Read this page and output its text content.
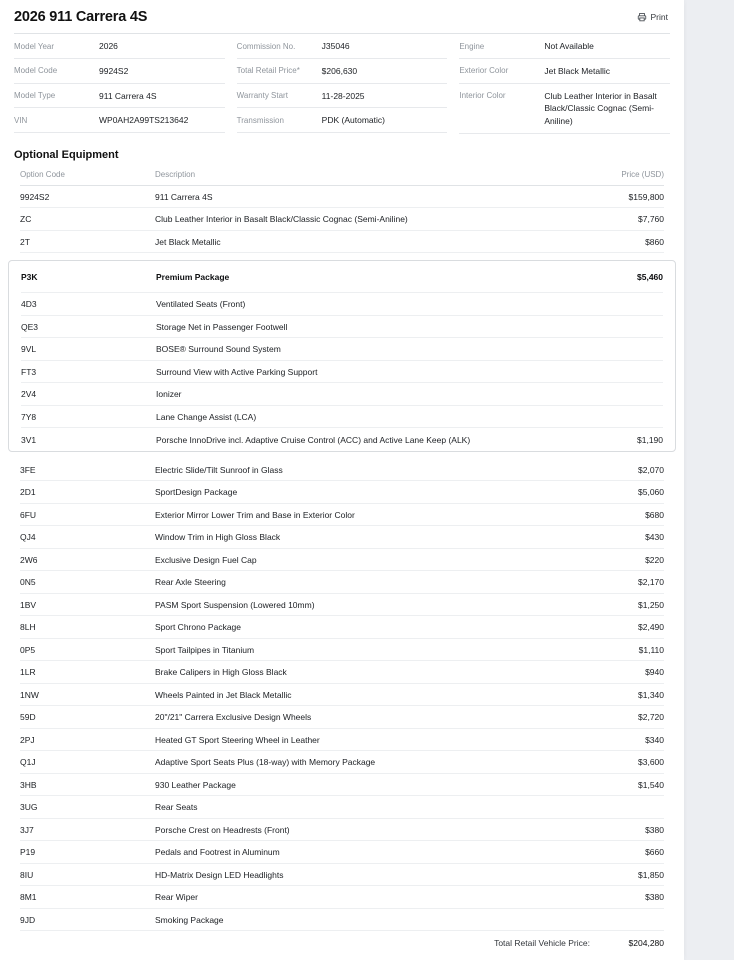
2026 911 Carrera 4S	Print
Model Year	2026
Model Code	9924S2
Model Type	911 Carrera 4S
VIN	WP0AH2A99TS213642
Commission No.	J35046
Total Retail Price*	$206,630
Warranty Start	11-28-2025
Transmission	PDK (Automatic)
Engine	Not Available
Exterior Color	Jet Black Metallic
Interior Color	Club Leather Interior in Basalt Black/Classic Cognac (Semi-Aniline)
Optional Equipment
Option Code	Description	Price (USD)
9924S2	911 Carrera 4S	$159,800
ZC	Club Leather Interior in Basalt Black/Classic Cognac (Semi-Aniline)	$7,760
2T	Jet Black Metallic	$860
P3K	Premium Package	$5,460
4D3	Ventilated Seats (Front)
QE3	Storage Net in Passenger Footwell
9VL	BOSE® Surround Sound System
FT3	Surround View with Active Parking Support
2V4	Ionizer
7Y8	Lane Change Assist (LCA)
3V1	Porsche InnoDrive incl. Adaptive Cruise Control (ACC) and Active Lane Keep (ALK)	$1,190
3FE	Electric Slide/Tilt Sunroof in Glass	$2,070
2D1	SportDesign Package	$5,060
6FU	Exterior Mirror Lower Trim and Base in Exterior Color	$680
QJ4	Window Trim in High Gloss Black	$430
2W6	Exclusive Design Fuel Cap	$220
0N5	Rear Axle Steering	$2,170
1BV	PASM Sport Suspension (Lowered 10mm)	$1,250
8LH	Sport Chrono Package	$2,490
0P5	Sport Tailpipes in Titanium	$1,110
1LR	Brake Calipers in High Gloss Black	$940
1NW	Wheels Painted in Jet Black Metallic	$1,340
59D	20"/21" Carrera Exclusive Design Wheels	$2,720
2PJ	Heated GT Sport Steering Wheel in Leather	$340
Q1J	Adaptive Sport Seats Plus (18-way) with Memory Package	$3,600
3HB	930 Leather Package	$1,540
3UG	Rear Seats
3J7	Porsche Crest on Headrests (Front)	$380
P19	Pedals and Footrest in Aluminum	$660
8IU	HD-Matrix Design LED Headlights	$1,850
8M1	Rear Wiper	$380
9JD	Smoking Package
Total Retail Vehicle Price:	$204,280
